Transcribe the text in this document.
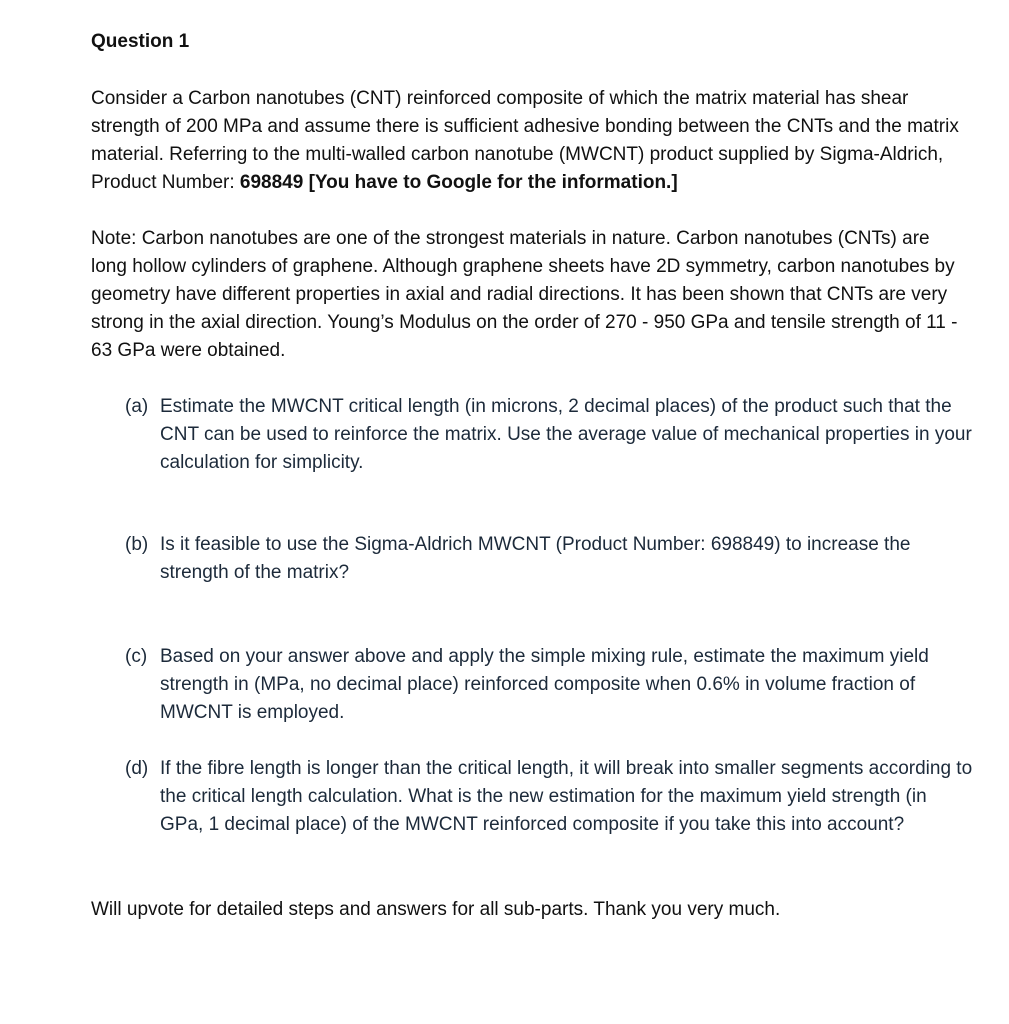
Question 1

Consider a Carbon nanotubes (CNT) reinforced composite of which the matrix material has shear strength of 200 MPa and assume there is sufficient adhesive bonding between the CNTs and the matrix material. Referring to the multi-walled carbon nanotube (MWCNT) product supplied by Sigma-Aldrich, Product Number: 698849 [You have to Google for the information.]

Note: Carbon nanotubes are one of the strongest materials in nature. Carbon nanotubes (CNTs) are long hollow cylinders of graphene. Although graphene sheets have 2D symmetry, carbon nanotubes by geometry have different properties in axial and radial directions. It has been shown that CNTs are very strong in the axial direction. Young’s Modulus on the order of 270 - 950 GPa and tensile strength of 11 - 63 GPa were obtained.

(a) Estimate the MWCNT critical length (in microns, 2 decimal places) of the product such that the CNT can be used to reinforce the matrix. Use the average value of mechanical properties in your calculation for simplicity.
(b) Is it feasible to use the Sigma-Aldrich MWCNT (Product Number: 698849) to increase the strength of the matrix?
(c) Based on your answer above and apply the simple mixing rule, estimate the maximum yield strength in (MPa, no decimal place) reinforced composite when 0.6% in volume fraction of MWCNT is employed.
(d) If the fibre length is longer than the critical length, it will break into smaller segments according to the critical length calculation. What is the new estimation for the maximum yield strength (in GPa, 1 decimal place) of the MWCNT reinforced composite if you take this into account?

Will upvote for detailed steps and answers for all sub-parts. Thank you very much.
